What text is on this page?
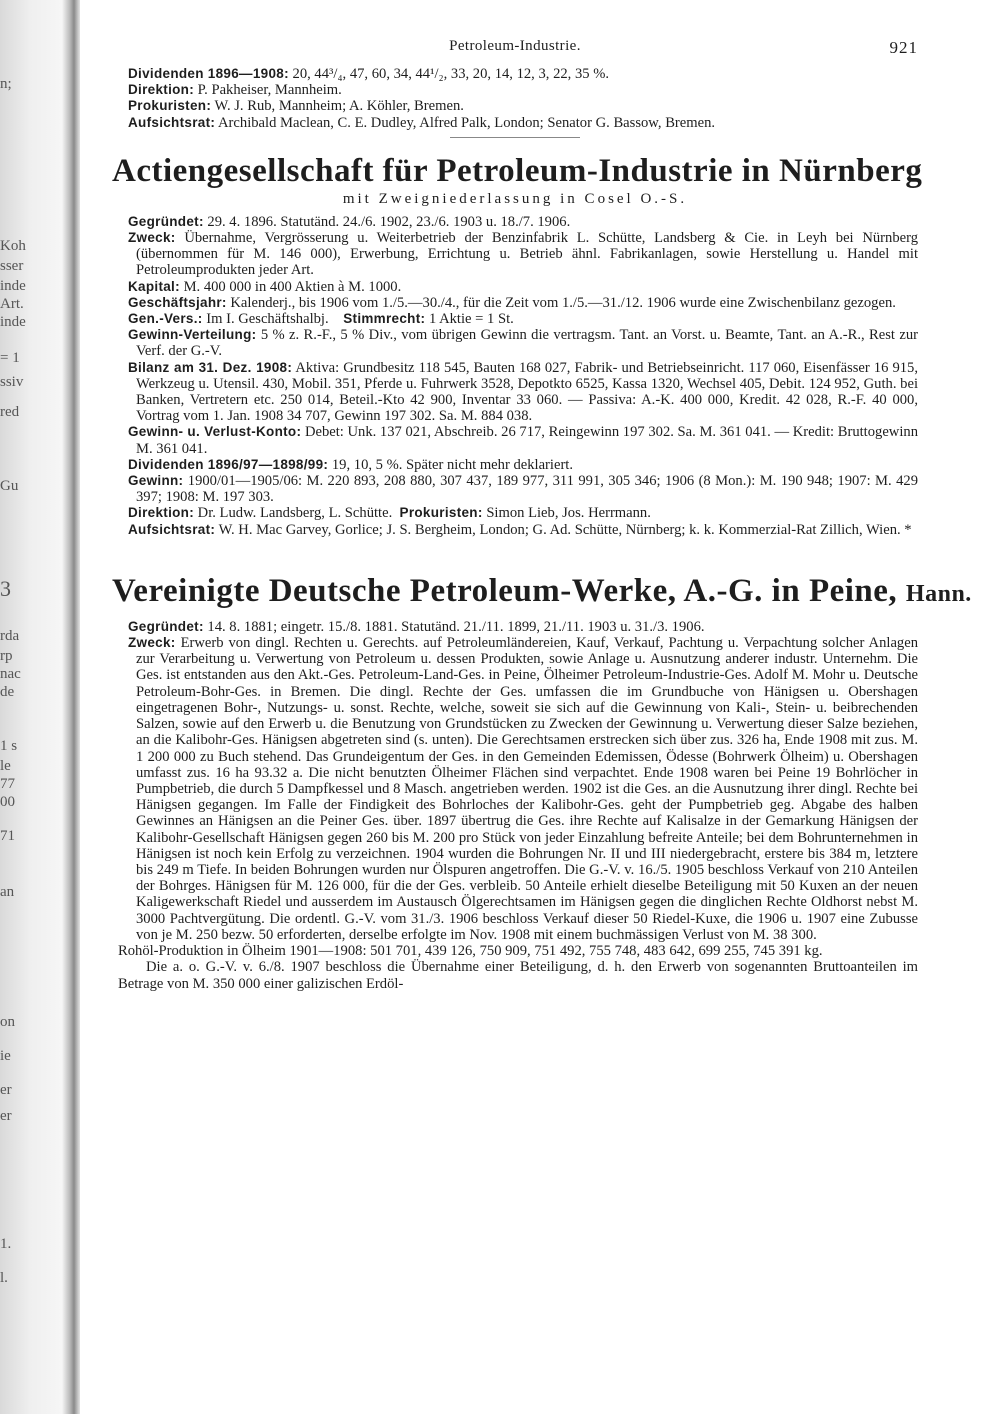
n;
Koh
sser
inde
Art.
inde
= 1
ssiv
red
Gu
3
rda
rp
nac
de
1 s
le
77
00
71
an
on
ie
er
er
1.
l.
Petroleum-Industrie.	921

Dividenden 1896—1908: 20, 44³/₄, 47, 60, 34, 44¹/₂, 33, 20, 14, 12, 3, 22, 35 %.

Direktion: P. Pakheiser, Mannheim.

Prokuristen: W. J. Rub, Mannheim; A. Köhler, Bremen.

Aufsichtsrat: Archibald Maclean, C. E. Dudley, Alfred Palk, London; Senator G. Bassow, Bremen.

Actiengesellschaft für Petroleum-Industrie in Nürnberg
mit Zweigniederlassung in Cosel O.-S.

Gegründet: 29. 4. 1896. Statutänd. 24./6. 1902, 23./6. 1903 u. 18./7. 1906.

Zweck: Übernahme, Vergrösserung u. Weiterbetrieb der Benzinfabrik L. Schütte, Landsberg & Cie. in Leyh bei Nürnberg (übernommen für M. 146 000), Erwerbung, Errichtung u. Betrieb ähnl. Fabrikanlagen, sowie Herstellung u. Handel mit Petroleumprodukten jeder Art.

Kapital: M. 400 000 in 400 Aktien à M. 1000.

Geschäftsjahr: Kalenderj., bis 1906 vom 1./5.—30./4., für die Zeit vom 1./5.—31./12. 1906 wurde eine Zwischenbilanz gezogen.

Gen.-Vers.: Im I. Geschäftshalbj. Stimmrecht: 1 Aktie = 1 St.

Gewinn-Verteilung: 5 % z. R.-F., 5 % Div., vom übrigen Gewinn die vertragsm. Tant. an Vorst. u. Beamte, Tant. an A.-R., Rest zur Verf. der G.-V.

Bilanz am 31. Dez. 1908: Aktiva: Grundbesitz 118 545, Bauten 168 027, Fabrik- und Betriebseinricht. 117 060, Eisenfässer 16 915, Werkzeug u. Utensil. 430, Mobil. 351, Pferde u. Fuhrwerk 3528, Depotkto 6525, Kassa 1320, Wechsel 405, Debit. 124 952, Guth. bei Banken, Vertretern etc. 250 014, Beteil.-Kto 42 900, Inventar 33 060. — Passiva: A.-K. 400 000, Kredit. 42 028, R.-F. 40 000, Vortrag vom 1. Jan. 1908 34 707, Gewinn 197 302. Sa. M. 884 038.

Gewinn- u. Verlust-Konto: Debet: Unk. 137 021, Abschreib. 26 717, Reingewinn 197 302. Sa. M. 361 041. — Kredit: Bruttogewinn M. 361 041.

Dividenden 1896/97—1898/99: 19, 10, 5 %. Später nicht mehr deklariert.

Gewinn: 1900/01—1905/06: M. 220 893, 208 880, 307 437, 189 977, 311 991, 305 346; 1906 (8 Mon.): M. 190 948; 1907: M. 429 397; 1908: M. 197 303.

Direktion: Dr. Ludw. Landsberg, L. Schütte. Prokuristen: Simon Lieb, Jos. Herrmann.

Aufsichtsrat: W. H. Mac Garvey, Gorlice; J. S. Bergheim, London; G. Ad. Schütte, Nürnberg; k. k. Kommerzial-Rat Zillich, Wien. *

Vereinigte Deutsche Petroleum-Werke, A.-G. in Peine, Hann.

Gegründet: 14. 8. 1881; eingetr. 15./8. 1881. Statutänd. 21./11. 1899, 21./11. 1903 u. 31./3. 1906.

Zweck: Erwerb von dingl. Rechten u. Gerechts. auf Petroleumländereien, Kauf, Verkauf, Pachtung u. Verpachtung solcher Anlagen zur Verarbeitung u. Verwertung von Petroleum u. dessen Produkten, sowie Anlage u. Ausnutzung anderer industr. Unternehm. Die Ges. ist entstanden aus den Akt.-Ges. Petroleum-Land-Ges. in Peine, Ölheimer Petroleum-Industrie-Ges. Adolf M. Mohr u. Deutsche Petroleum-Bohr-Ges. in Bremen. Die dingl. Rechte der Ges. umfassen die im Grundbuche von Hänigsen u. Obershagen eingetragenen Bohr-, Nutzungs- u. sonst. Rechte, welche, soweit sie sich auf die Gewinnung von Kali-, Stein- u. beibrechenden Salzen, sowie auf den Erwerb u. die Benutzung von Grundstücken zu Zwecken der Gewinnung u. Verwertung dieser Salze beziehen, an die Kalibohr-Ges. Hänigsen abgetreten sind (s. unten). Die Gerechtsamen erstrecken sich über zus. 326 ha, Ende 1908 mit zus. M. 1 200 000 zu Buch stehend. Das Grundeigentum der Ges. in den Gemeinden Edemissen, Ödesse (Bohrwerk Ölheim) u. Obershagen umfasst zus. 16 ha 93.32 a. Die nicht benutzten Ölheimer Flächen sind verpachtet. Ende 1908 waren bei Peine 19 Bohrlöcher in Pumpbetrieb, die durch 5 Dampfkessel und 8 Masch. angetrieben werden. 1902 ist die Ges. an die Ausnutzung ihrer dingl. Rechte bei Hänigsen gegangen. Im Falle der Findigkeit des Bohrloches der Kalibohr-Ges. geht der Pumpbetrieb geg. Abgabe des halben Gewinnes an Hänigsen an die Peiner Ges. über. 1897 übertrug die Ges. ihre Rechte auf Kalisalze in der Gemarkung Hänigsen der Kalibohr-Gesellschaft Hänigsen gegen 260 bis M. 200 pro Stück von jeder Einzahlung befreite Anteile; bei dem Bohrunternehmen in Hänigsen ist noch kein Erfolg zu verzeichnen. 1904 wurden die Bohrungen Nr. II und III niedergebracht, erstere bis 384 m, letztere bis 249 m Tiefe. In beiden Bohrungen wurden nur Ölspuren angetroffen. Die G.-V. v. 16./5. 1905 beschloss Verkauf von 210 Anteilen der Bohrges. Hänigsen für M. 126 000, für die der Ges. verbleib. 50 Anteile erhielt dieselbe Beteiligung mit 50 Kuxen an der neuen Kaligewerkschaft Riedel und ausserdem im Austausch Ölgerechtsamen im Hänigsen gegen die dinglichen Rechte Oldhorst nebst M. 3000 Pachtvergütung. Die ordentl. G.-V. vom 31./3. 1906 beschloss Verkauf dieser 50 Riedel-Kuxe, die 1906 u. 1907 eine Zubusse von je M. 250 bezw. 50 erforderten, derselbe erfolgte im Nov. 1908 mit einem buchmässigen Verlust von M. 38 300.

Rohöl-Produktion in Ölheim 1901—1908: 501 701, 439 126, 750 909, 751 492, 755 748, 483 642, 699 255, 745 391 kg.

Die a. o. G.-V. v. 6./8. 1907 beschloss die Übernahme einer Beteiligung, d. h. den Erwerb von sogenannten Bruttoanteilen im Betrage von M. 350 000 einer galizischen Erdöl-
